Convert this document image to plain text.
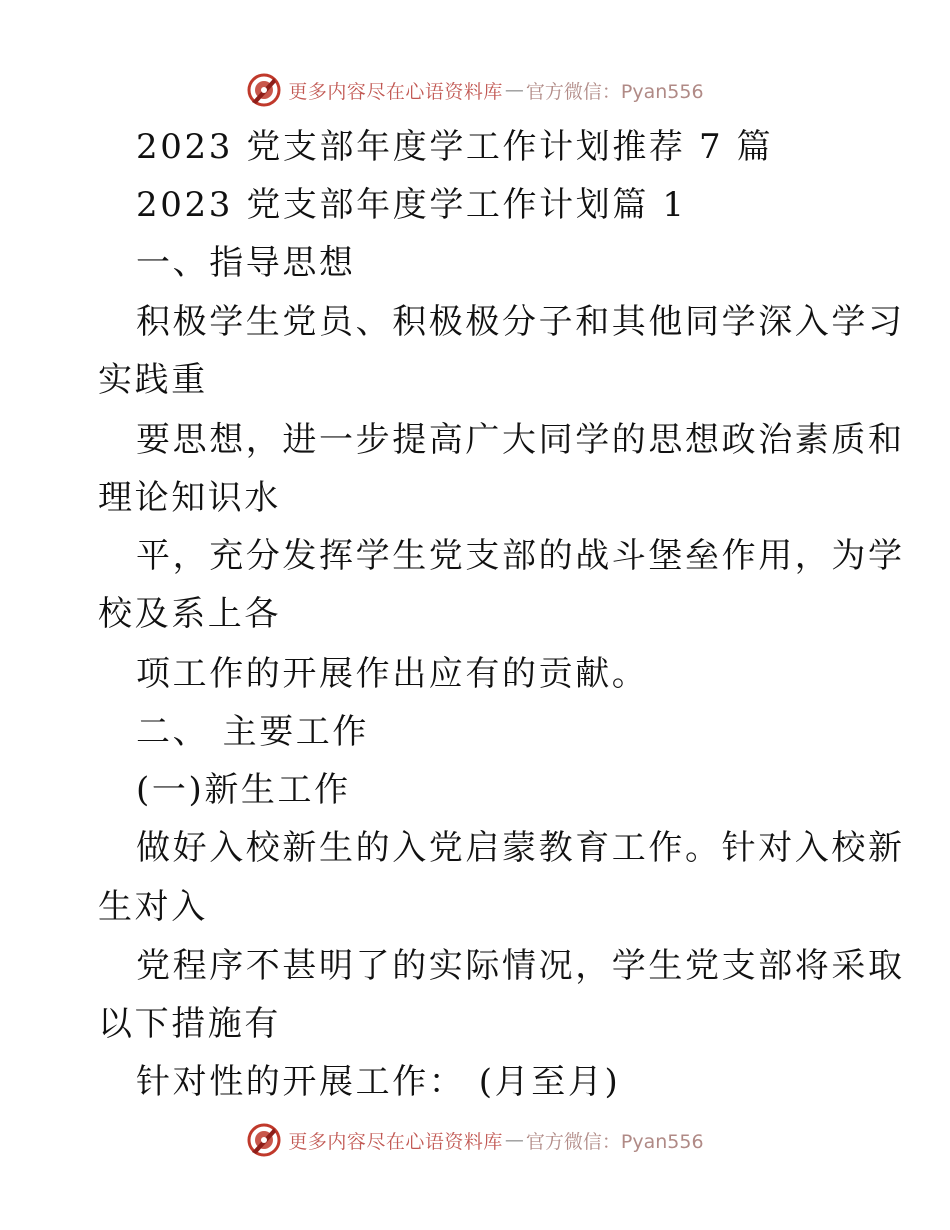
更多内容尽在心语资料库 — 官方微信：Pyan556
2023 党支部年度学工作计划推荐 7 篇
2023 党支部年度学工作计划篇 1
一、指导思想
积极学生党员、积极极分子和其他同学深入学习
实践重
要思想，进一步提高广大同学的思想政治素质和
理论知识水
平，充分发挥学生党支部的战斗堡垒作用，为学
校及系上各
项工作的开展作出应有的贡献。
二、 主要工作
(一)新生工作
做好入校新生的入党启蒙教育工作。针对入校新
生对入
党程序不甚明了的实际情况，学生党支部将采取
以下措施有
针对性的开展工作： (月至月)
更多内容尽在心语资料库 — 官方微信：Pyan556
